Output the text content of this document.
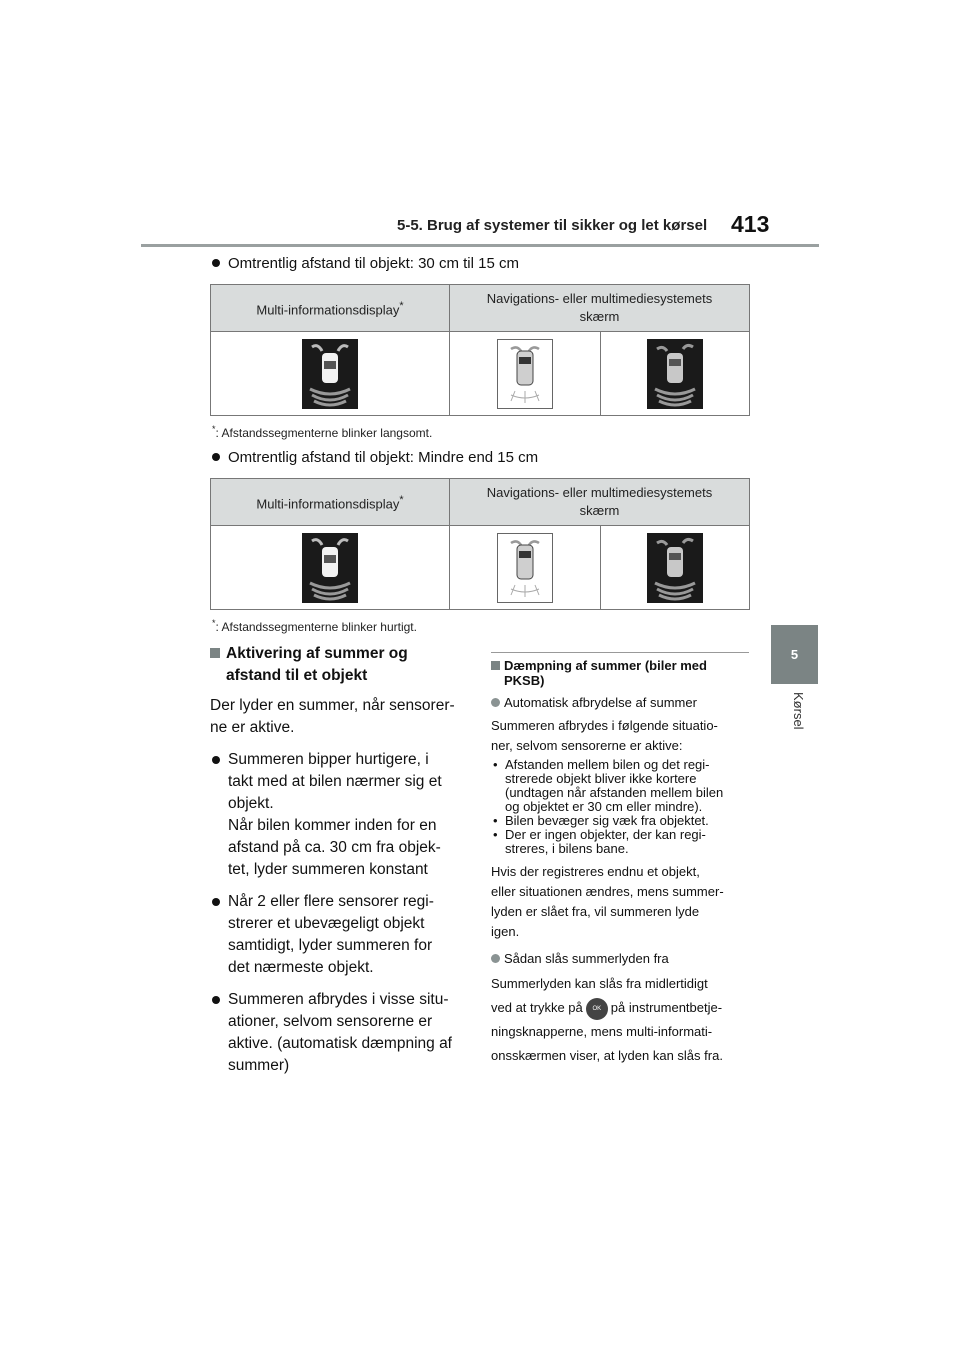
5-5. Brug af systemer til sikker og let kørsel 413
5
Kørsel
Omtrentlig afstand til objekt: 30 cm til 15 cm
Multi-informationsdisplay*	Navigations- eller multimediesystemets
skærm	

*: Afstandssegmenterne blinker langsomt.
Omtrentlig afstand til objekt: Mindre end 15 cm
Multi-informationsdisplay*	Navigations- eller multimediesystemets
skærm	

*: Afstandssegmenterne blinker hurtigt.
Aktivering af summer og
afstand til et objekt
Der lyder en summer, når sensorer-
ne er aktive.
Summeren bipper hurtigere, i
takt med at bilen nærmer sig et
objekt.
Når bilen kommer inden for en
afstand på ca. 30 cm fra objek-
tet, lyder summeren konstant
Når 2 eller flere sensorer regi-
strerer et ubevægeligt objekt
samtidigt, lyder summeren for
det nærmeste objekt.
Summeren afbrydes i visse situ-
ationer, selvom sensorerne er
aktive. (automatisk dæmpning af
summer)
Dæmpning af summer (biler med
PKSB)
Automatisk afbrydelse af summer
Summeren afbrydes i følgende situatio-
ner, selvom sensorerne er aktive:
• Afstanden mellem bilen og det regi-
strerede objekt bliver ikke kortere
(undtagen når afstanden mellem bilen
og objektet er 30 cm eller mindre).
• Bilen bevæger sig væk fra objektet.
• Der er ingen objekter, der kan regi-
streres, i bilens bane.
Hvis der registreres endnu et objekt,
eller situationen ændres, mens summer-
lyden er slået fra, vil summeren lyde
igen.
Sådan slås summerlyden fra
Summerlyden kan slås fra midlertidigt
ved at trykke på OK på instrumentbetje-
ningsknapperne, mens multi-informati-
onsskærmen viser, at lyden kan slås fra.
